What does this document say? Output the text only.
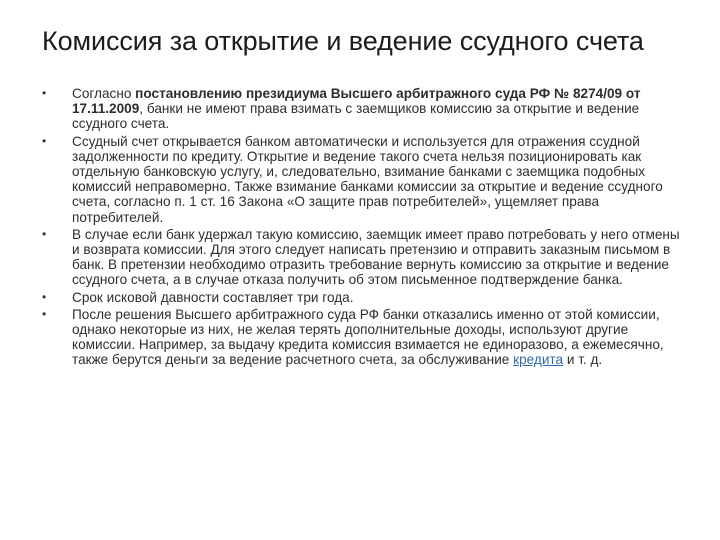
Комиссия за открытие и ведение ссудного счета
• Согласно постановлению президиума Высшего арбитражного суда РФ № 8274/09 от 17.11.2009, банки не имеют права взимать с заемщиков комиссию за открытие и ведение ссудного счета.
• Ссудный счет открывается банком автоматически и используется для отражения ссудной задолженности по кредиту. Открытие и ведение такого счета нельзя позиционировать как отдельную банковскую услугу, и, следовательно, взимание банками с заемщика подобных комиссий неправомерно. Также взимание банками комиссии за открытие и ведение ссудного счета, согласно п. 1 ст. 16 Закона «О защите прав потребителей», ущемляет права потребителей.
• В случае если банк удержал такую комиссию, заемщик имеет право потребовать у него отмены и возврата комиссии. Для этого следует написать претензию и отправить заказным письмом в банк. В претензии необходимо отразить требование вернуть комиссию за открытие и ведение ссудного счета, а в случае отказа получить об этом письменное подтверждение банка.
• Срок исковой давности составляет три года.
• После решения Высшего арбитражного суда РФ банки отказались именно от этой комиссии, однако некоторые из них, не желая терять дополнительные доходы, используют другие комиссии. Например, за выдачу кредита комиссия взимается не единоразово, а ежемесячно, также берутся деньги за ведение расчетного счета, за обслуживание кредита и т. д.
